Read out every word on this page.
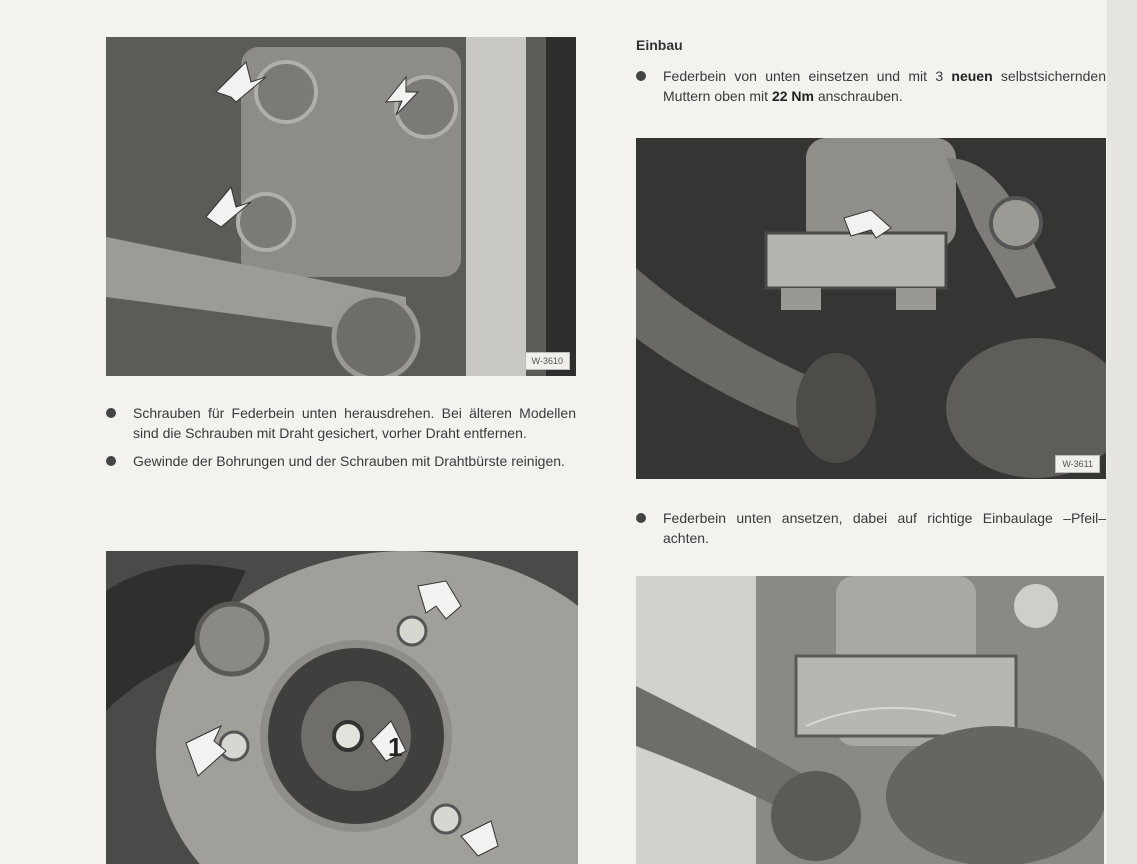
W-3610
Schrauben für Federbein unten herausdrehen. Bei älteren Modellen sind die Schrauben mit Draht gesichert, vorher Draht entfernen.
Gewinde der Bohrungen und der Schrauben mit Drahtbürste reinigen.
1
Einbau
Federbein von unten einsetzen und mit 3 neuen selbstsichernden Muttern oben mit 22 Nm anschrauben.
W-3611
Federbein unten ansetzen, dabei auf richtige Einbaulage –Pfeil– achten.
